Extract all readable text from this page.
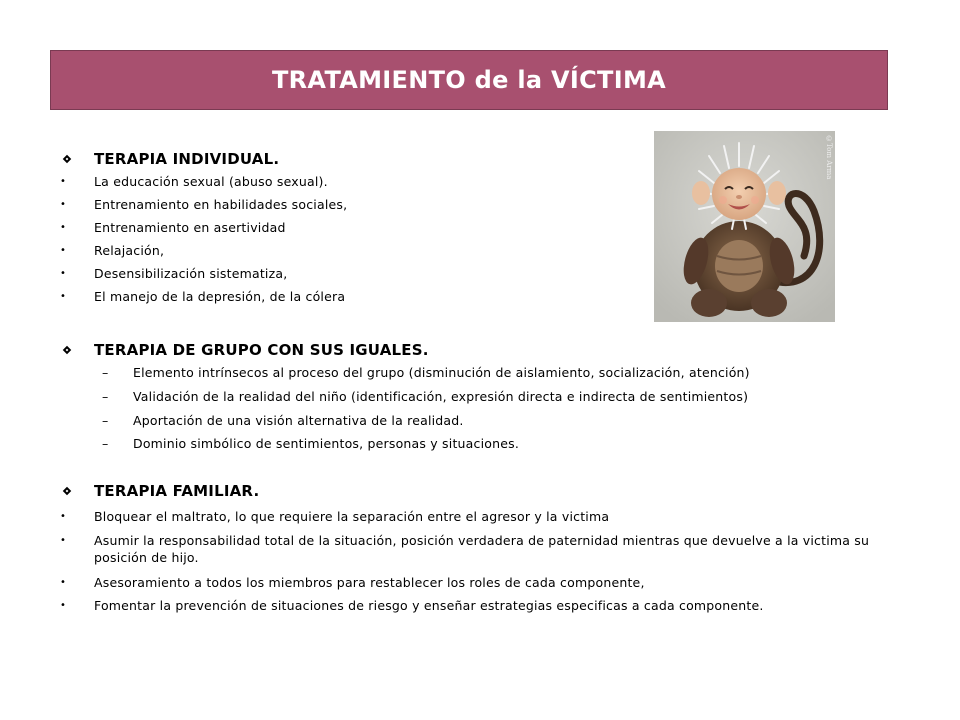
TRATAMIENTO de la VÍCTIMA
©Tom Arma
TERAPIA INDIVIDUAL.
•	La educación sexual (abuso sexual).
•	Entrenamiento en habilidades sociales,
•	Entrenamiento en asertividad
•	Relajación,
•	Desensibilización sistematiza,
•	El manejo de la depresión, de la cólera
TERAPIA DE GRUPO CON SUS IGUALES.
–	Elemento intrínsecos al proceso del grupo (disminución de aislamiento, socialización, atención)
–	Validación de la realidad del niño (identificación, expresión directa e indirecta de sentimientos)
–	Aportación de una visión alternativa de la realidad.
–	Dominio simbólico de sentimientos, personas y situaciones.
TERAPIA FAMILIAR.
•	Bloquear el maltrato, lo que requiere la separación entre el agresor y la victima
•	Asumir la responsabilidad total de la situación, posición verdadera de paternidad mientras que devuelve a la victima su posición de hijo.
•	Asesoramiento a todos los miembros para restablecer los roles de cada componente,
•	Fomentar la prevención de situaciones de riesgo y enseñar estrategias especificas a cada componente.
